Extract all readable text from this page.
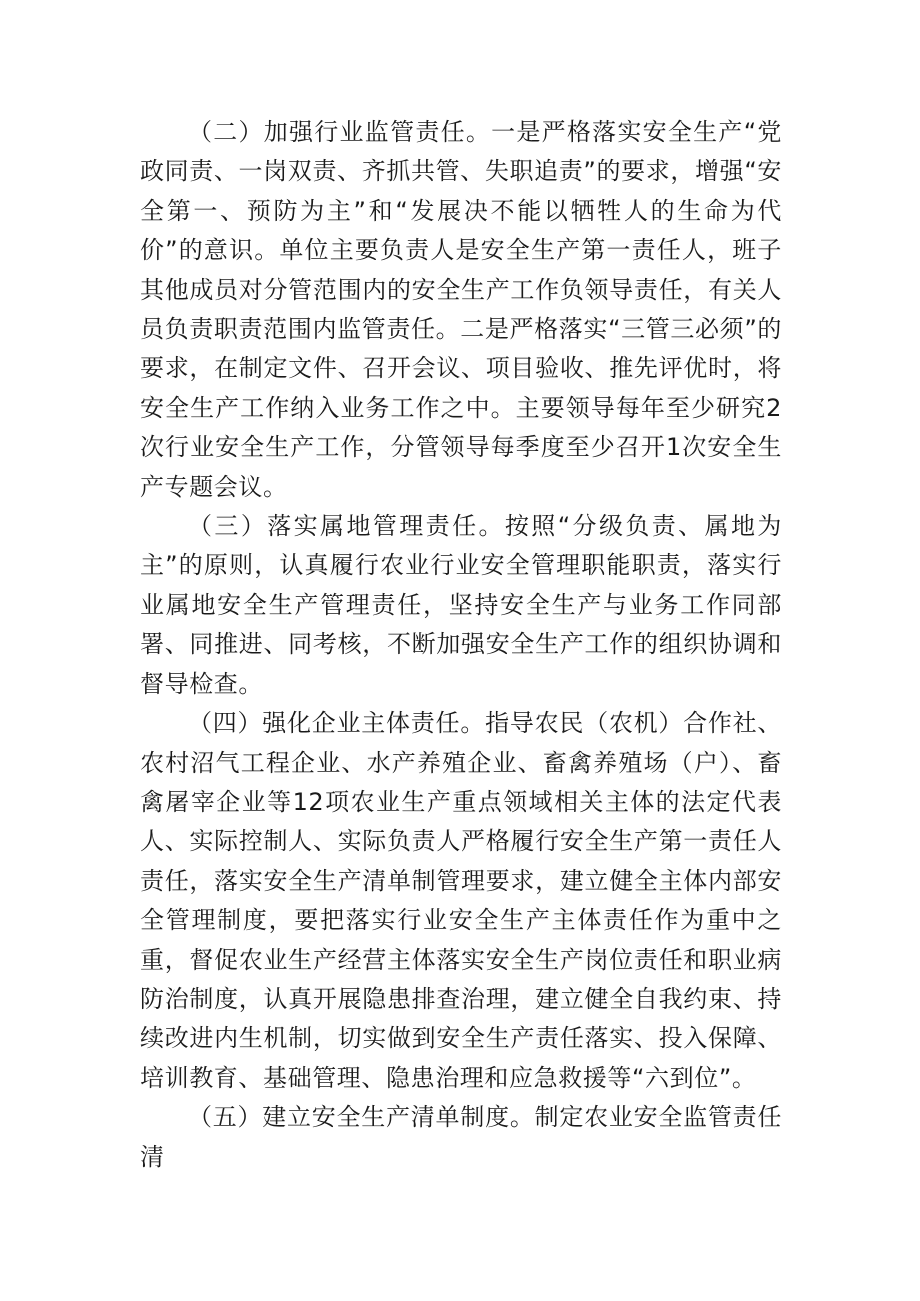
（二）加强行业监管责任。一是严格落实安全生产“党政同责、一岗双责、齐抓共管、失职追责”的要求，增强“安全第一、预防为主”和“发展决不能以牺牲人的生命为代价”的意识。单位主要负责人是安全生产第一责任人，班子其他成员对分管范围内的安全生产工作负领导责任，有关人员负责职责范围内监管责任。二是严格落实“三管三必须”的要求，在制定文件、召开会议、项目验收、推先评优时，将安全生产工作纳入业务工作之中。主要领导每年至少研究2次行业安全生产工作，分管领导每季度至少召开1次安全生产专题会议。

（三）落实属地管理责任。按照“分级负责、属地为主”的原则，认真履行农业行业安全管理职能职责，落实行业属地安全生产管理责任，坚持安全生产与业务工作同部署、同推进、同考核，不断加强安全生产工作的组织协调和督导检查。

（四）强化企业主体责任。指导农民（农机）合作社、农村沼气工程企业、水产养殖企业、畜禽养殖场（户）、畜禽屠宰企业等12项农业生产重点领域相关主体的法定代表人、实际控制人、实际负责人严格履行安全生产第一责任人责任，落实安全生产清单制管理要求，建立健全主体内部安全管理制度，要把落实行业安全生产主体责任作为重中之重，督促农业生产经营主体落实安全生产岗位责任和职业病防治制度，认真开展隐患排查治理，建立健全自我约束、持续改进内生机制，切实做到安全生产责任落实、投入保障、培训教育、基础管理、隐患治理和应急救援等“六到位”。

（五）建立安全生产清单制度。制定农业安全监管责任清
